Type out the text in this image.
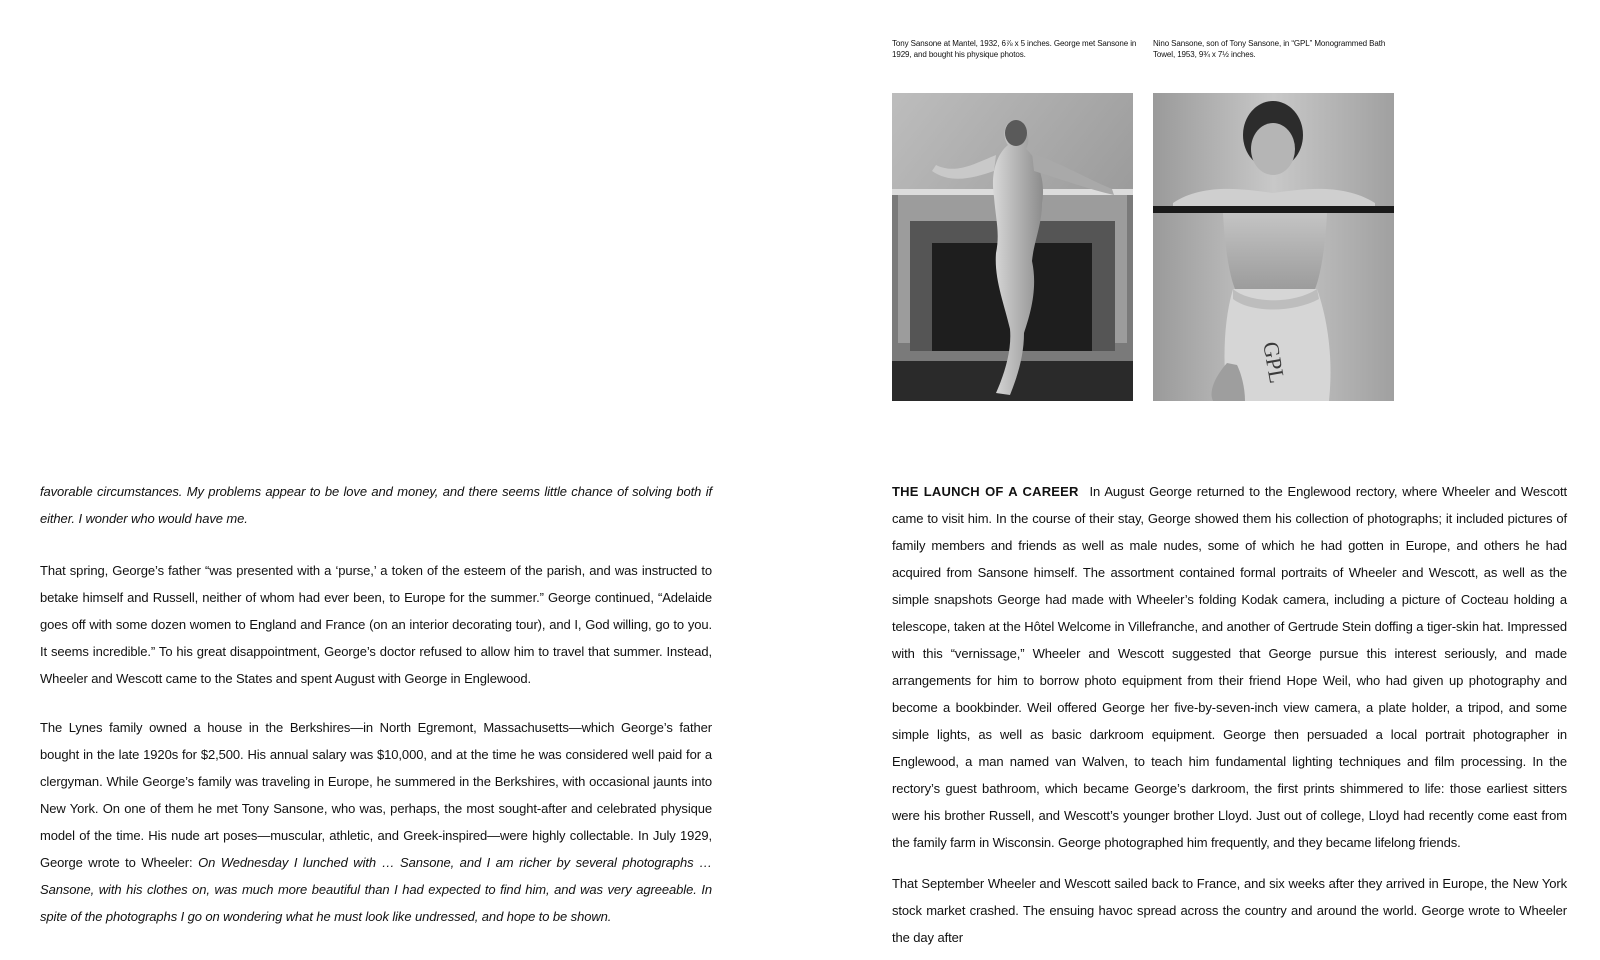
favorable circumstances. My problems appear to be love and money, and there seems little chance of solving both if either. I wonder who would have me.

That spring, George’s father “was presented with a ‘purse,’ a token of the esteem of the parish, and was instructed to betake himself and Russell, neither of whom had ever been, to Europe for the summer.” George continued, “Adelaide goes off with some dozen women to England and France (on an interior decorating tour), and I, God willing, go to you. It seems incredible.” To his great disappointment, George’s doctor refused to allow him to travel that summer. Instead, Wheeler and Wescott came to the States and spent August with George in Englewood.

The Lynes family owned a house in the Berkshires—in North Egremont, Massachusetts—which George’s father bought in the late 1920s for $2,500. His annual salary was $10,000, and at the time he was considered well paid for a clergyman. While George’s family was traveling in Europe, he summered in the Berkshires, with occasional jaunts into New York. On one of them he met Tony Sansone, who was, perhaps, the most sought-after and celebrated physique model of the time. His nude art poses—muscular, athletic, and Greek-inspired—were highly collectable. In July 1929, George wrote to Wheeler: On Wednesday I lunched with … Sansone, and I am richer by several photographs … Sansone, with his clothes on, was much more beautiful than I had expected to find him, and was very agreeable. In spite of the photographs I go on wondering what he must look like undressed, and hope to be shown.

Tony Sansone at Mantel, 1932, 6⅞ x 5 inches. George met Sansone in 1929, and bought his physique photos.

Nino Sansone, son of Tony Sansone, in “GPL” Monogrammed Bath Towel, 1953, 9¾ x 7½ inches.

GPL

THE LAUNCH OF A CAREER In August George returned to the Englewood rectory, where Wheeler and Wescott came to visit him. In the course of their stay, George showed them his collection of photographs; it included pictures of family members and friends as well as male nudes, some of which he had gotten in Europe, and others he had acquired from Sansone himself. The assortment contained formal portraits of Wheeler and Wescott, as well as the simple snapshots George had made with Wheeler’s folding Kodak camera, including a picture of Cocteau holding a telescope, taken at the Hôtel Welcome in Villefranche, and another of Gertrude Stein doffing a tiger-skin hat. Impressed with this “vernissage,” Wheeler and Wescott suggested that George pursue this interest seriously, and made arrangements for him to borrow photo equipment from their friend Hope Weil, who had given up photography and become a bookbinder. Weil offered George her five-by-seven-inch view camera, a plate holder, a tripod, and some simple lights, as well as basic darkroom equipment. George then persuaded a local portrait photographer in Englewood, a man named van Walven, to teach him fundamental lighting techniques and film processing. In the rectory’s guest bathroom, which became George’s darkroom, the first prints shimmered to life: those earliest sitters were his brother Russell, and Wescott’s younger brother Lloyd. Just out of college, Lloyd had recently come east from the family farm in Wisconsin. George photographed him frequently, and they became lifelong friends.

That September Wheeler and Wescott sailed back to France, and six weeks after they arrived in Europe, the New York stock market crashed. The ensuing havoc spread across the country and around the world. George wrote to Wheeler the day after
